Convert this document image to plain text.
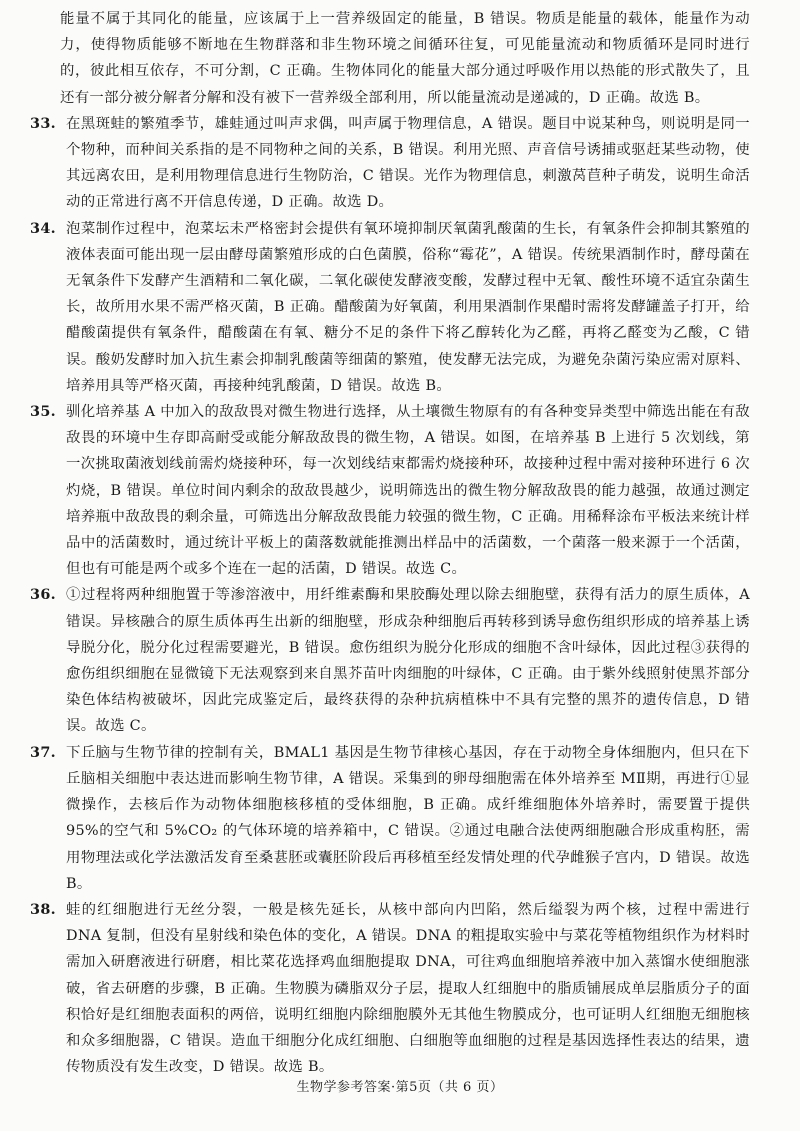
能量不属于其同化的能量，应该属于上一营养级固定的能量，B 错误。物质是能量的载体，能量作为动力，使得物质能够不断地在生物群落和非生物环境之间循环往复，可见能量流动和物质循环是同时进行的，彼此相互依存，不可分割，C 正确。生物体同化的能量大部分通过呼吸作用以热能的形式散失了，且还有一部分被分解者分解和没有被下一营养级全部利用，所以能量流动是递减的，D 正确。故选 B。

33. 在黑斑蛙的繁殖季节，雄蛙通过叫声求偶，叫声属于物理信息，A 错误。题目中说某种鸟，则说明是同一个物种，而种间关系指的是不同物种之间的关系，B 错误。利用光照、声音信号诱捕或驱赶某些动物，使其远离农田，是利用物理信息进行生物防治，C 错误。光作为物理信息，刺激莴苣种子萌发，说明生命活动的正常进行离不开信息传递，D 正确。故选 D。
34. 泡菜制作过程中，泡菜坛未严格密封会提供有氧环境抑制厌氧菌乳酸菌的生长，有氧条件会抑制其繁殖的液体表面可能出现一层由酵母菌繁殖形成的白色菌膜，俗称“霉花”，A 错误。传统果酒制作时，酵母菌在无氧条件下发酵产生酒精和二氧化碳，二氧化碳使发酵液变酸，发酵过程中无氧、酸性环境不适宜杂菌生长，故所用水果不需严格灭菌，B 正确。醋酸菌为好氧菌，利用果酒制作果醋时需将发酵罐盖子打开，给醋酸菌提供有氧条件，醋酸菌在有氧、糖分不足的条件下将乙醇转化为乙醛，再将乙醛变为乙酸，C 错误。酸奶发酵时加入抗生素会抑制乳酸菌等细菌的繁殖，使发酵无法完成，为避免杂菌污染应需对原料、培养用具等严格灭菌，再接种纯乳酸菌，D 错误。故选 B。
35. 驯化培养基 A 中加入的敌敌畏对微生物进行选择，从土壤微生物原有的有各种变异类型中筛选出能在有敌敌畏的环境中生存即高耐受或能分解敌敌畏的微生物，A 错误。如图，在培养基 B 上进行 5 次划线，第一次挑取菌液划线前需灼烧接种环，每一次划线结束都需灼烧接种环，故接种过程中需对接种环进行 6 次灼烧，B 错误。单位时间内剩余的敌敌畏越少，说明筛选出的微生物分解敌敌畏的能力越强，故通过测定培养瓶中敌敌畏的剩余量，可筛选出分解敌敌畏能力较强的微生物，C 正确。用稀释涂布平板法来统计样品中的活菌数时，通过统计平板上的菌落数就能推测出样品中的活菌数，一个菌落一般来源于一个活菌，但也有可能是两个或多个连在一起的活菌，D 错误。故选 C。
36. ①过程将两种细胞置于等渗溶液中，用纤维素酶和果胶酶处理以除去细胞壁，获得有活力的原生质体，A 错误。异核融合的原生质体再生出新的细胞壁，形成杂种细胞后再转移到诱导愈伤组织形成的培养基上诱导脱分化，脱分化过程需要避光，B 错误。愈伤组织为脱分化形成的细胞不含叶绿体，因此过程③获得的愈伤组织细胞在显微镜下无法观察到来自黑芥苗叶肉细胞的叶绿体，C 正确。由于紫外线照射使黑芥部分染色体结构被破坏，因此完成鉴定后，最终获得的杂种抗病植株中不具有完整的黑芥的遗传信息，D 错误。故选 C。
37. 下丘脑与生物节律的控制有关，BMAL1 基因是生物节律核心基因，存在于动物全身体细胞内，但只在下丘脑相关细胞中表达进而影响生物节律，A 错误。采集到的卵母细胞需在体外培养至 MⅡ期，再进行①显微操作，去核后作为动物体细胞核移植的受体细胞，B 正确。成纤维细胞体外培养时，需要置于提供 95%的空气和 5%CO₂ 的气体环境的培养箱中，C 错误。②通过电融合法使两细胞融合形成重构胚，需用物理法或化学法激活发育至桑葚胚或囊胚阶段后再移植至经发情处理的代孕雌猴子宫内，D 错误。故选 B。
38. 蛙的红细胞进行无丝分裂，一般是核先延长，从核中部向内凹陷，然后缢裂为两个核，过程中需进行 DNA 复制，但没有星射线和染色体的变化，A 错误。DNA 的粗提取实验中与菜花等植物组织作为材料时需加入研磨液进行研磨，相比菜花选择鸡血细胞提取 DNA，可往鸡血细胞培养液中加入蒸馏水使细胞涨破，省去研磨的步骤，B 正确。生物膜为磷脂双分子层，提取人红细胞中的脂质铺展成单层脂质分子的面积恰好是红细胞表面积的两倍，说明红细胞内除细胞膜外无其他生物膜成分，也可证明人红细胞无细胞核和众多细胞器，C 错误。造血干细胞分化成红细胞、白细胞等血细胞的过程是基因选择性表达的结果，遗传物质没有发生改变，D 错误。故选 B。
生物学参考答案·第5页（共 6 页）
